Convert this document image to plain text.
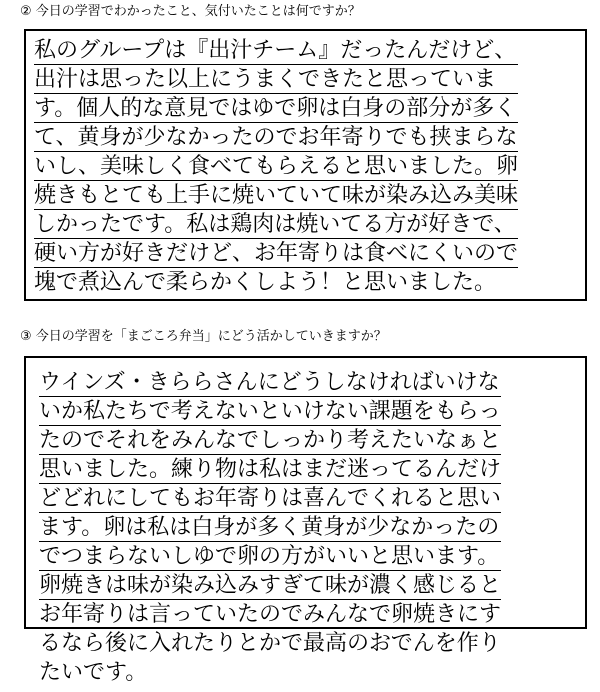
② 今日の学習でわかったこと、気付いたことは何ですか？
私のグループは『出汁チーム』だったんだけど、
出汁は思った以上にうまくできたと思っていま
す。個人的な意見ではゆで卵は白身の部分が多く
て、黄身が少なかったのでお年寄りでも挟まらな
いし、美味しく食べてもらえると思いました。卵
焼きもとても上手に焼いていて味が染み込み美味
しかったです。私は鶏肉は焼いてる方が好きで、
硬い方が好きだけど、お年寄りは食べにくいので
塊で煮込んで柔らかくしよう！と思いました。
③ 今日の学習を「まごころ弁当」にどう活かしていきますか？
ウインズ・きららさんにどうしなければいけな
いか私たちで考えないといけない課題をもらっ
たのでそれをみんなでしっかり考えたいなぁと
思いました。練り物は私はまだ迷ってるんだけ
どどれにしてもお年寄りは喜んでくれると思い
ます。卵は私は白身が多く黄身が少なかったの
でつまらないしゆで卵の方がいいと思います。
卵焼きは味が染み込みすぎて味が濃く感じると
お年寄りは言っていたのでみんなで卵焼きにす
るなら後に入れたりとかで最高のおでんを作り
たいです。
